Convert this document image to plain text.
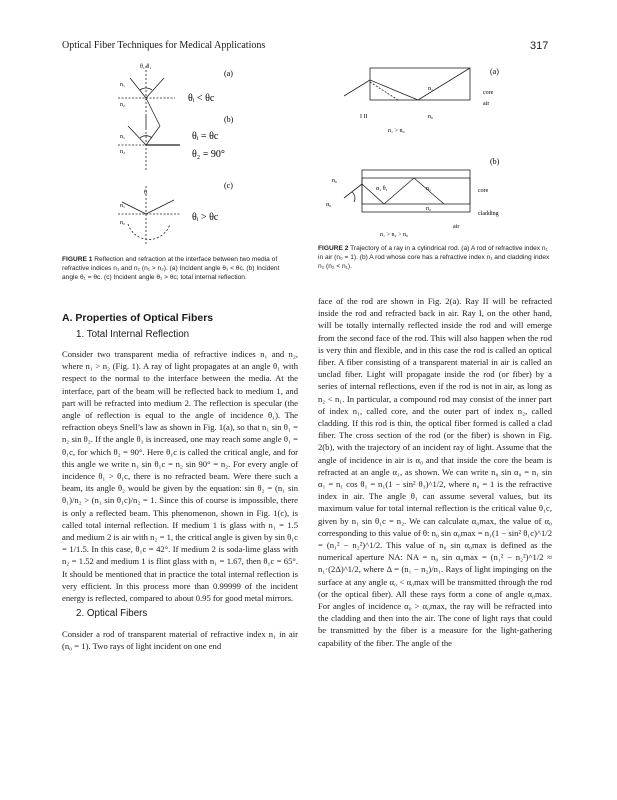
Optical Fiber Techniques for Medical Applications	317
θ₁ θ₁
n₁
n₂
(a)
θᵢ < θc
n₁
n₂
(b)
θᵢ = θc
θ₂ = 90°
θ
n₁
n₂
(c)
θᵢ > θc
FIGURE 1 Reflection and refraction at the interface between two media of refractive indices n₁ and n₂ (n₁ > n₂). (a) Incident angle θ₁ < θc. (b) Incident angle θ₁ = θc. (c) Incident angle θ₁ > θc; total internal reflection.
(a)
core
air
n₁
n₀
I II
n₁ > n₀
(b)
core
cladding
air
n₀
α₀
α₁ θ₁	n₁
n₂
n₁ > n₂ > n₀
FIGURE 2 Trajectory of a ray in a cylindrical rod. (a) A rod of refractive index n₁ in air (n₀ = 1). (b) A rod whose core has a refractive index n₁ and cladding index n₂ (n₂ < n₁).
A. Properties of Optical Fibers
1. Total Internal Reflection

Consider two transparent media of refractive indices n₁ and n₂, where n₁ > n₂ (Fig. 1). A ray of light propagates at an angle θ₁ with respect to the normal to the interface between the media. At the interface, part of the beam will be reflected back to medium 1, and part will be refracted into medium 2. The reflection is specular (the angle of reflection is equal to the angle of incidence θ₁). The refraction obeys Snell’s law as shown in Fig. 1(a), so that n₁ sin θ₁ = n₂ sin θ₂. If the angle θ₁ is increased, one may reach some angle θ₁ = θ₁c, for which θ₂ = 90°. Here θ₁c is called the critical angle, and for this angle we write n₁ sin θ₁c = n₂ sin 90° = n₂. For every angle of incidence θ₁ > θ₁c, there is no refracted beam. Were there such a beam, its angle θ₂ would be given by the equation: sin θ₂ = (n₁ sin θ₁)/n₂ > (n₁ sin θ₁c)/n₂ = 1. Since this of course is impossible, there is only a reflected beam. This phenomenon, shown in Fig. 1(c), is called total internal reflection. If medium 1 is glass with n₁ = 1.5 and medium 2 is air with n₂ = 1, the critical angle is given by sin θ₁c = 1/1.5. In this case, θ₁c = 42°. If medium 2 is soda-lime glass with n₂ = 1.52 and medium 1 is flint glass with n₁ = 1.67, then θ₁c = 65°. It should be mentioned that in practice the total internal reflection is very efficient. In this process more than 0.99999 of the incident energy is reflected, compared to about 0.95 for good metal mirrors.

2. Optical Fibers

Consider a rod of transparent material of refractive index n₁ in air (n₀ = 1). Two rays of light incident on one end

face of the rod are shown in Fig. 2(a). Ray II will be refracted inside the rod and refracted back in air. Ray I, on the other hand, will be totally internally reflected inside the rod and will emerge from the second face of the rod. This will also happen when the rod is very thin and flexible, and in this case the rod is called an optical fiber. A fiber consisting of a transparent material in air is called an unclad fiber. Light will propagate inside the rod (or fiber) by a series of internal reflections, even if the rod is not in air, as long as n₂ < n₁. In particular, a compound rod may consist of the inner part of index n₁, called core, and the outer part of index n₂, called cladding. If this rod is thin, the optical fiber formed is called a clad fiber. The cross section of the rod (or the fiber) is shown in Fig. 2(b), with the trajectory of an incident ray of light. Assume that the angle of incidence in air is α₀ and that inside the core the beam is refracted at an angle α₁, as shown. We can write n₀ sin α₀ = n₁ sin α₁ = n₁ cos θ₁ = n₁(1 − sin² θ₁)^1/2, where n₀ = 1 is the refractive index in air. The angle θ₁ can assume several values, but its maximum value for total internal reflection is the critical value θ₁c, given by n₁ sin θ₁c = n₂. We can calculate α₀max, the value of α₀ corresponding to this value of θ: n₀ sin α₀max = n₁(1 − sin² θ₁c)^1/2 = (n₁² − n₂²)^1/2. This value of n₀ sin α₀max is defined as the numerical aperture NA: NA = n₀ sin α₀max = (n₁² − n₂²)^1/2 ≈ n₁·(2Δ)^1/2, where Δ = (n₁ − n₂)/n₁. Rays of light impinging on the surface at any angle α₀ < α₀max will be transmitted through the rod (or the optical fiber). All these rays form a cone of angle α₀max. For angles of incidence α₀ > α₀max, the ray will be refracted into the cladding and then into the air. The cone of light rays that could be transmitted by the fiber is a measure for the light-gathering capability of the fiber. The angle of the
